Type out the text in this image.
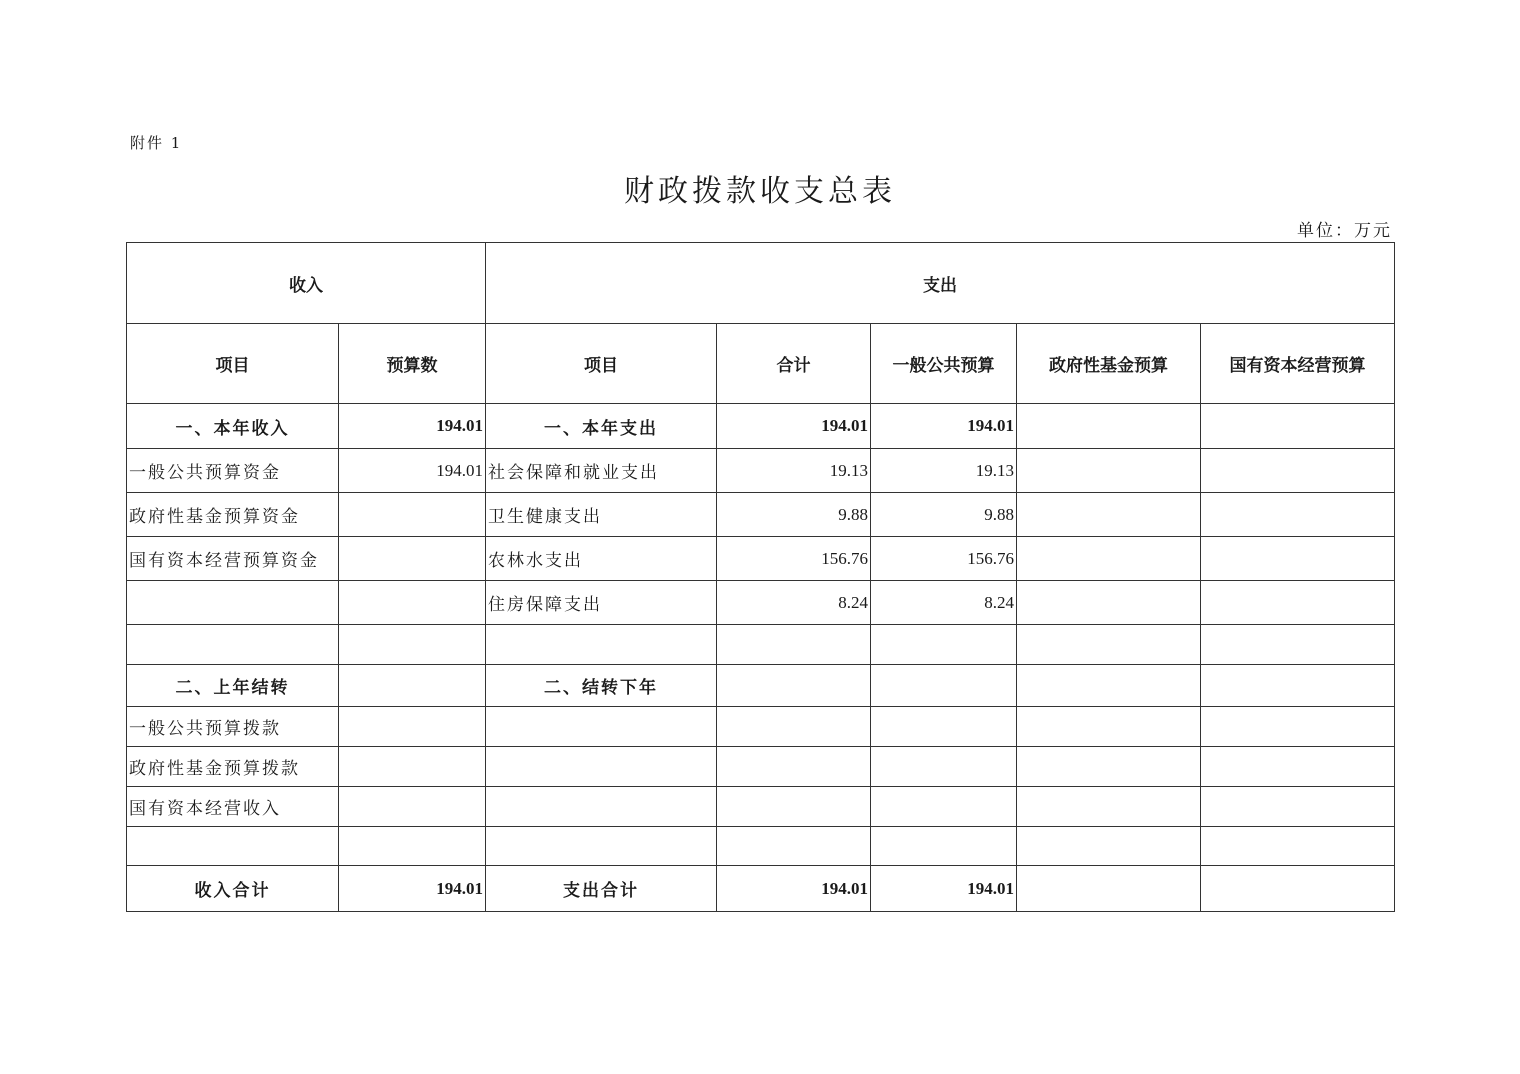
附件 1
财政拨款收支总表
单位：万元
收入		支出				
项目	预算数	项目	合计	一般公共预算	政府性基金预算	国有资本经营预算
一、本年收入	194.01	一、本年支出	194.01	194.01		
一般公共预算资金	194.01	社会保障和就业支出	19.13	19.13		
政府性基金预算资金		卫生健康支出	9.88	9.88		
国有资本经营预算资金		农林水支出	156.76	156.76		
		住房保障支出	8.24	8.24		

二、上年结转		二、结转下年				
一般公共预算拨款						
政府性基金预算拨款						
国有资本经营收入						

收入合计	194.01	支出合计	194.01	194.01		
